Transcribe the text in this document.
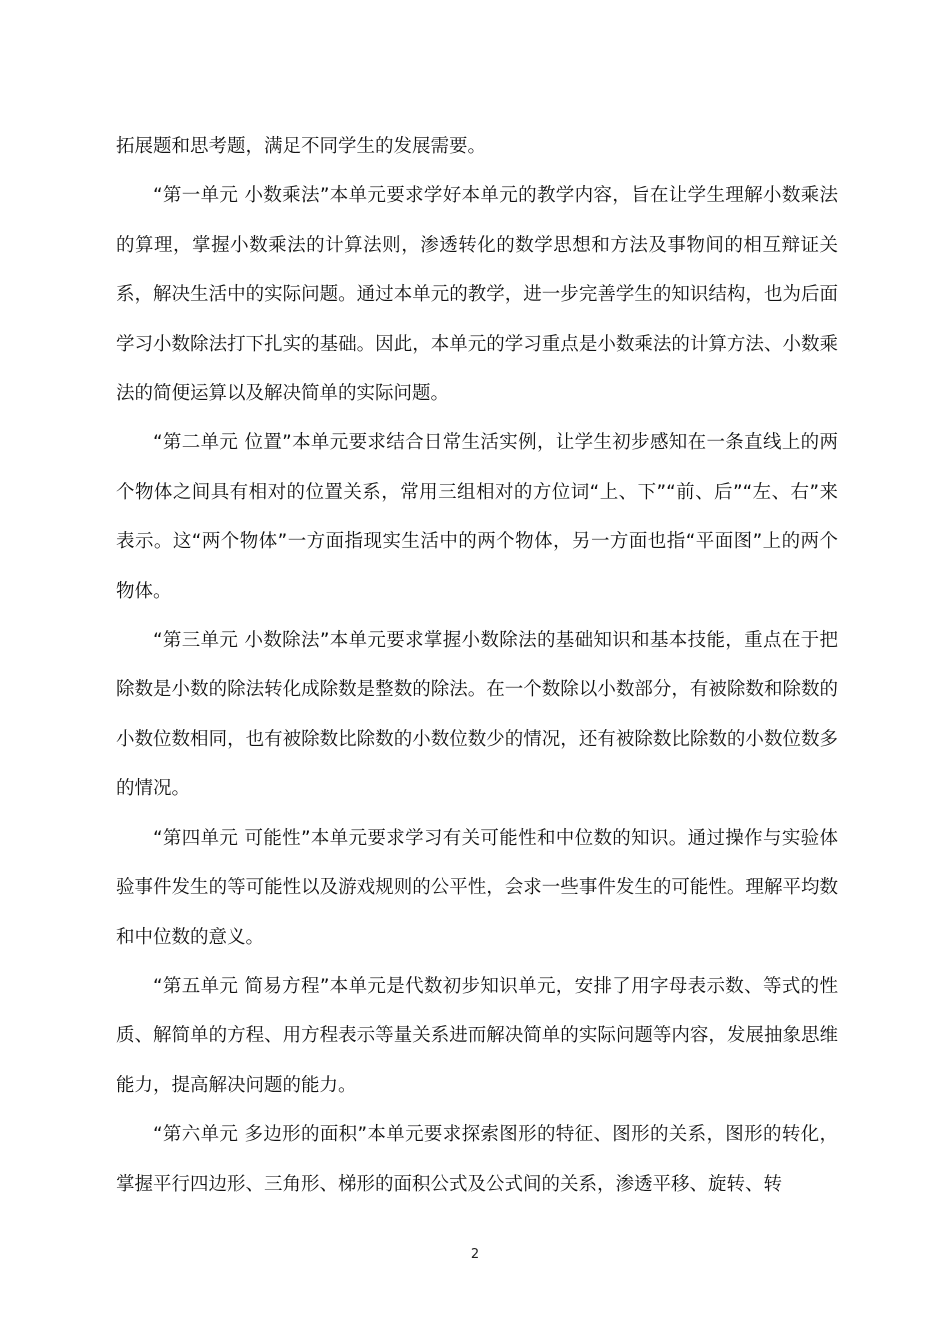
拓展题和思考题，满足不同学生的发展需要。

“第一单元 小数乘法”本单元要求学好本单元的教学内容，旨在让学生理解小数乘法的算理，掌握小数乘法的计算法则，渗透转化的数学思想和方法及事物间的相互辩证关系，解决生活中的实际问题。通过本单元的教学，进一步完善学生的知识结构，也为后面学习小数除法打下扎实的基础。因此，本单元的学习重点是小数乘法的计算方法、小数乘法的简便运算以及解决简单的实际问题。

“第二单元 位置”本单元要求结合日常生活实例，让学生初步感知在一条直线上的两个物体之间具有相对的位置关系，常用三组相对的方位词“上、下”“前、后”“左、右”来表示。这“两个物体”一方面指现实生活中的两个物体，另一方面也指“平面图”上的两个物体。

“第三单元 小数除法”本单元要求掌握小数除法的基础知识和基本技能，重点在于把除数是小数的除法转化成除数是整数的除法。在一个数除以小数部分，有被除数和除数的小数位数相同，也有被除数比除数的小数位数少的情况，还有被除数比除数的小数位数多的情况。

“第四单元 可能性”本单元要求学习有关可能性和中位数的知识。通过操作与实验体验事件发生的等可能性以及游戏规则的公平性，会求一些事件发生的可能性。理解平均数和中位数的意义。

“第五单元 简易方程”本单元是代数初步知识单元，安排了用字母表示数、等式的性质、解简单的方程、用方程表示等量关系进而解决简单的实际问题等内容，发展抽象思维能力，提高解决问题的能力。

“第六单元 多边形的面积”本单元要求探索图形的特征、图形的关系，图形的转化，掌握平行四边形、三角形、梯形的面积公式及公式间的关系，渗透平移、旋转、转

2
